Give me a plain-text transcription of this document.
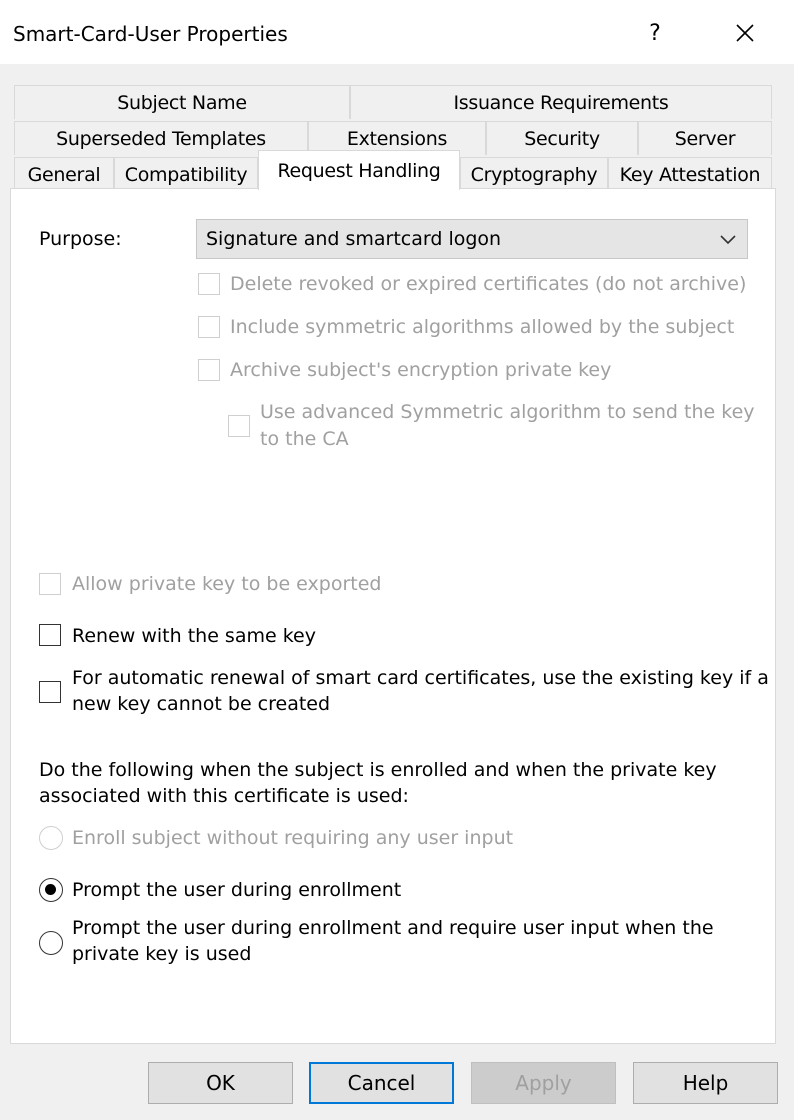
Smart-Card-User Properties	?
Subject Name	Issuance Requirements
Superseded Templates	Extensions	Security	Server
General	Compatibility	Request Handling	Cryptography	Key Attestation
Purpose:	Signature and smartcard logon
Delete revoked or expired certificates (do not archive)
Include symmetric algorithms allowed by the subject
Archive subject's encryption private key
Use advanced Symmetric algorithm to send the key
to the CA
Allow private key to be exported
Renew with the same key
For automatic renewal of smart card certificates, use the existing key if a
new key cannot be created
Do the following when the subject is enrolled and when the private key
associated with this certificate is used:
Enroll subject without requiring any user input
Prompt the user during enrollment
Prompt the user during enrollment and require user input when the
private key is used
OK	Cancel	Apply	Help
